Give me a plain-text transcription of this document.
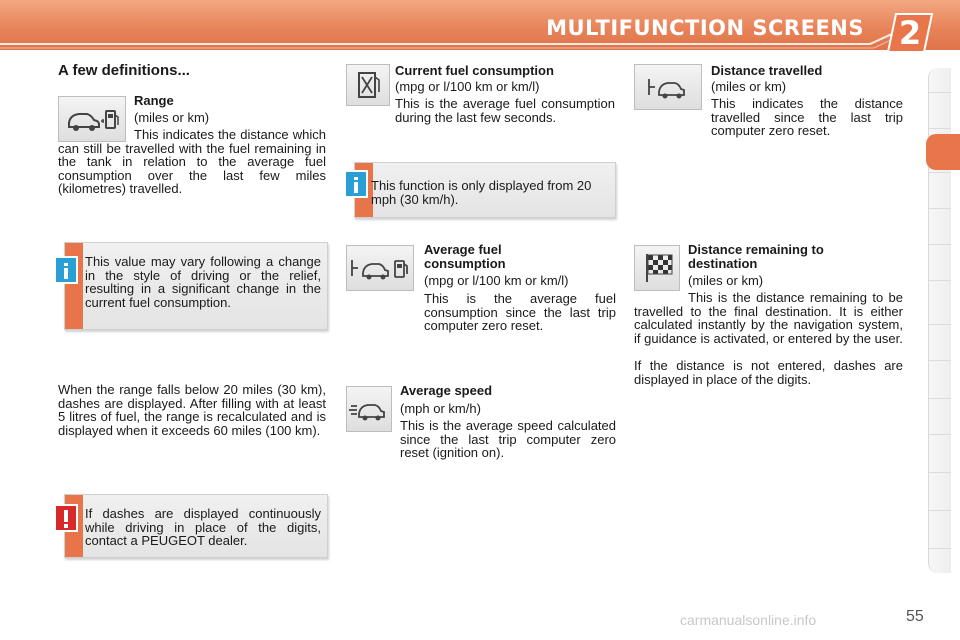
MULTIFUNCTION SCREENS	2
A few definitions...
Range
(miles or km)
This indicates the distance which can still be travelled with the fuel remaining in the tank in relation to the average fuel consumption over the last few miles (kilometres) travelled.
This value may vary following a change in the style of driving or the relief, resulting in a significant change in the current fuel consumption.
When the range falls below 20 miles (30 km), dashes are displayed. After filling with at least 5 litres of fuel, the range is recalculated and is displayed when it exceeds 60 miles (100 km).
If dashes are displayed continuously while driving in place of the digits, contact a PEUGEOT dealer.
Current fuel consumption
(mpg or l/100 km or km/l)
This is the average fuel consumption during the last few seconds.
This function is only displayed from 20 mph (30 km/h).
Average fuel consumption
(mpg or l/100 km or km/l)
This is the average fuel consumption since the last trip computer zero reset.
Average speed
(mph or km/h)
This is the average speed calculated since the last trip computer zero reset (ignition on).
Distance travelled
(miles or km)
This indicates the distance travelled since the last trip computer zero reset.
Distance remaining to destination
(miles or km)
This is the distance remaining to be travelled to the final destination. It is either calculated instantly by the navigation system, if guidance is activated, or entered by the user.
If the distance is not entered, dashes are displayed in place of the digits.
carmanualsonline.info	55
